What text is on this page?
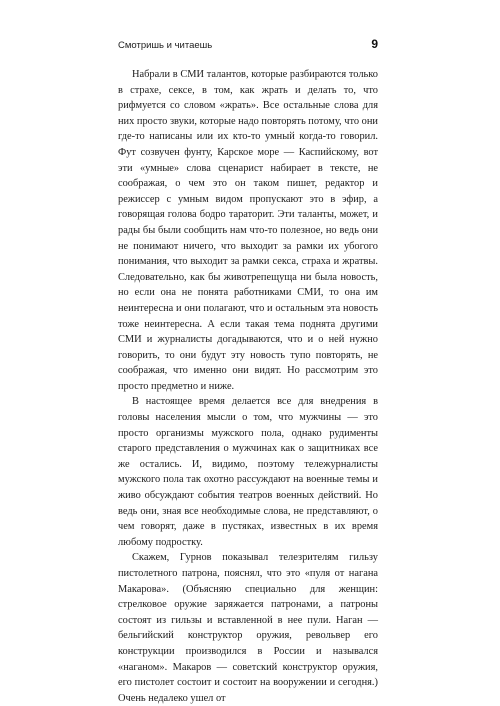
Смотришь и читаешь	9

Набрали в СМИ талантов, которые разбираются только в страхе, сексе, в том, как жрать и делать то, что рифмуется со словом «жрать». Все остальные слова для них просто звуки, которые надо повторять потому, что они где-то написаны или их кто-то умный когда-то говорил. Фут созвучен фунту, Карское море — Каспийскому, вот эти «умные» слова сценарист набирает в тексте, не соображая, о чем это он таком пишет, редактор и режиссер с умным видом пропускают это в эфир, а говорящая голова бодро тараторит. Эти таланты, может, и рады бы были сообщить нам что-то полезное, но ведь они не понимают ничего, что выходит за рамки их убогого понимания, что выходит за рамки секса, страха и жратвы. Следовательно, как бы животрепещуща ни была новость, но если она не понята работниками СМИ, то она им неинтересна и они полагают, что и остальным эта новость тоже неинтересна. А если такая тема поднята другими СМИ и журналисты догадываются, что и о ней нужно говорить, то они будут эту новость тупо повторять, не соображая, что именно они видят. Но рассмотрим это просто предметно и ниже.

В настоящее время делается все для внедрения в головы населения мысли о том, что мужчины — это просто организмы мужского пола, однако рудименты старого представления о мужчинах как о защитниках все же остались. И, видимо, поэтому тележурналисты мужского пола так охотно рассуждают на военные темы и живо обсуждают события театров военных действий. Но ведь они, зная все необходимые слова, не представляют, о чем говорят, даже в пустяках, известных в их время любому подростку.

Скажем, Гурнов показывал телезрителям гильзу пистолетного патрона, пояснял, что это «пуля от нагана Макарова». (Объясняю специально для женщин: стрелковое оружие заряжается патронами, а патроны состоят из гильзы и вставленной в нее пули. Наган — бельгийский конструктор оружия, револьвер его конструкции производился в России и назывался «наганом». Макаров — советский конструктор оружия, его пистолет состоит и состоит на вооружении и сегодня.) Очень недалеко ушел от
